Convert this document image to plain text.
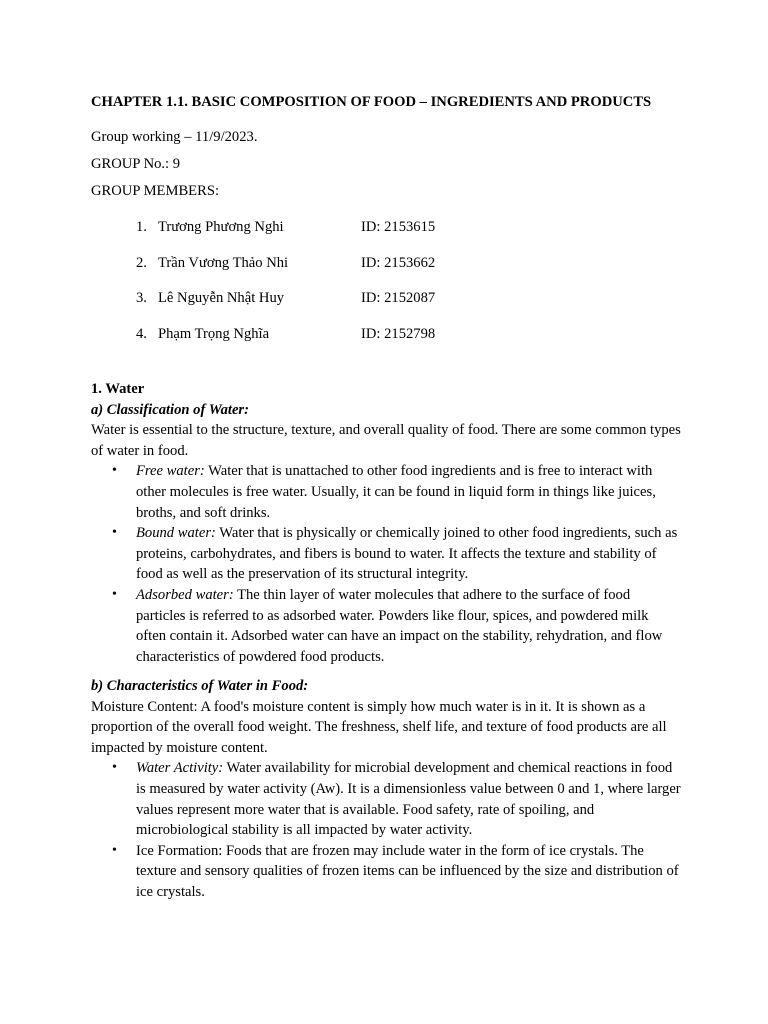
CHAPTER 1.1. BASIC COMPOSITION OF FOOD – INGREDIENTS AND PRODUCTS
Group working – 11/9/2023.
GROUP No.: 9
GROUP MEMBERS:
1. Trương Phương Nghi	ID: 2153615
2. Trần Vương Thảo Nhi	ID: 2153662
3. Lê Nguyễn Nhật Huy	ID: 2152087
4. Phạm Trọng Nghĩa	ID: 2152798

1. Water

a) Classification of Water:

Water is essential to the structure, texture, and overall quality of food. There are some common types of water in food.

• Free water: Water that is unattached to other food ingredients and is free to interact with other molecules is free water. Usually, it can be found in liquid form in things like juices, broths, and soft drinks.
• Bound water: Water that is physically or chemically joined to other food ingredients, such as proteins, carbohydrates, and fibers is bound to water. It affects the texture and stability of food as well as the preservation of its structural integrity.
• Adsorbed water: The thin layer of water molecules that adhere to the surface of food particles is referred to as adsorbed water. Powders like flour, spices, and powdered milk often contain it. Adsorbed water can have an impact on the stability, rehydration, and flow characteristics of powdered food products.

b) Characteristics of Water in Food:

Moisture Content: A food's moisture content is simply how much water is in it. It is shown as a proportion of the overall food weight. The freshness, shelf life, and texture of food products are all impacted by moisture content.

• Water Activity: Water availability for microbial development and chemical reactions in food is measured by water activity (Aw). It is a dimensionless value between 0 and 1, where larger values represent more water that is available. Food safety, rate of spoiling, and microbiological stability is all impacted by water activity.
• Ice Formation: Foods that are frozen may include water in the form of ice crystals. The texture and sensory qualities of frozen items can be influenced by the size and distribution of ice crystals.
